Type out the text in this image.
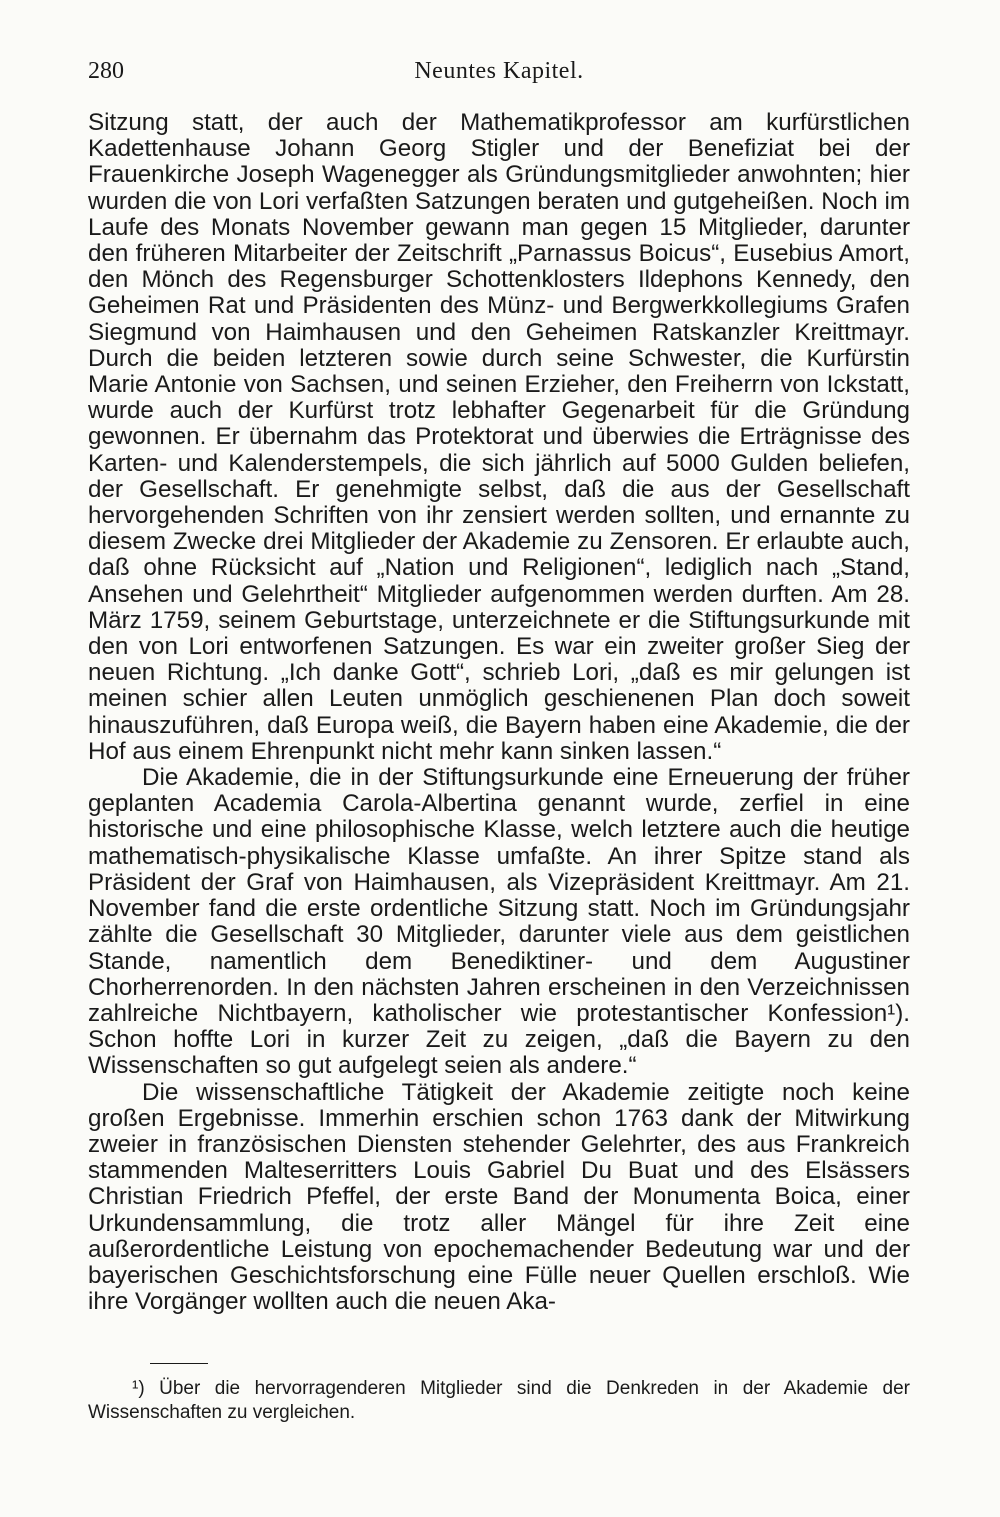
280	Neuntes Kapitel.

Sitzung statt, der auch der Mathematikprofessor am kurfürstlichen Kadettenhause Johann Georg Stigler und der Benefiziat bei der Frauenkirche Joseph Wagenegger als Gründungsmitglieder anwohnten; hier wurden die von Lori verfaßten Satzungen beraten und gutgeheißen. Noch im Laufe des Monats November gewann man gegen 15 Mitglieder, darunter den früheren Mitarbeiter der Zeitschrift „Parnassus Boicus“, Eusebius Amort, den Mönch des Regensburger Schottenklosters Ildephons Kennedy, den Geheimen Rat und Präsidenten des Münz- und Bergwerkkollegiums Grafen Siegmund von Haimhausen und den Geheimen Ratskanzler Kreittmayr. Durch die beiden letzteren sowie durch seine Schwester, die Kurfürstin Marie Antonie von Sachsen, und seinen Erzieher, den Freiherrn von Ickstatt, wurde auch der Kurfürst trotz lebhafter Gegenarbeit für die Gründung gewonnen. Er übernahm das Protektorat und überwies die Erträgnisse des Karten- und Kalenderstempels, die sich jährlich auf 5000 Gulden beliefen, der Gesellschaft. Er genehmigte selbst, daß die aus der Gesellschaft hervorgehenden Schriften von ihr zensiert werden sollten, und ernannte zu diesem Zwecke drei Mitglieder der Akademie zu Zensoren. Er erlaubte auch, daß ohne Rücksicht auf „Nation und Religionen“, lediglich nach „Stand, Ansehen und Gelehrtheit“ Mitglieder aufgenommen werden durften. Am 28. März 1759, seinem Geburtstage, unterzeichnete er die Stiftungsurkunde mit den von Lori entworfenen Satzungen. Es war ein zweiter großer Sieg der neuen Richtung. „Ich danke Gott“, schrieb Lori, „daß es mir gelungen ist meinen schier allen Leuten unmöglich geschienenen Plan doch soweit hinauszuführen, daß Europa weiß, die Bayern haben eine Akademie, die der Hof aus einem Ehrenpunkt nicht mehr kann sinken lassen.“

Die Akademie, die in der Stiftungsurkunde eine Erneuerung der früher geplanten Academia Carola-Albertina genannt wurde, zerfiel in eine historische und eine philosophische Klasse, welch letztere auch die heutige mathematisch-physikalische Klasse umfaßte. An ihrer Spitze stand als Präsident der Graf von Haimhausen, als Vizepräsident Kreittmayr. Am 21. November fand die erste ordentliche Sitzung statt. Noch im Gründungsjahr zählte die Gesellschaft 30 Mitglieder, darunter viele aus dem geistlichen Stande, namentlich dem Benediktiner- und dem Augustiner Chorherrenorden. In den nächsten Jahren erscheinen in den Verzeichnissen zahlreiche Nichtbayern, katholischer wie protestantischer Konfession¹). Schon hoffte Lori in kurzer Zeit zu zeigen, „daß die Bayern zu den Wissenschaften so gut aufgelegt seien als andere.“

Die wissenschaftliche Tätigkeit der Akademie zeitigte noch keine großen Ergebnisse. Immerhin erschien schon 1763 dank der Mitwirkung zweier in französischen Diensten stehender Gelehrter, des aus Frankreich stammenden Malteserritters Louis Gabriel Du Buat und des Elsässers Christian Friedrich Pfeffel, der erste Band der Monumenta Boica, einer Urkundensammlung, die trotz aller Mängel für ihre Zeit eine außerordentliche Leistung von epochemachender Bedeutung war und der bayerischen Geschichtsforschung eine Fülle neuer Quellen erschloß. Wie ihre Vorgänger wollten auch die neuen Aka-

¹) Über die hervorragenderen Mitglieder sind die Denkreden in der Akademie der Wissenschaften zu vergleichen.
